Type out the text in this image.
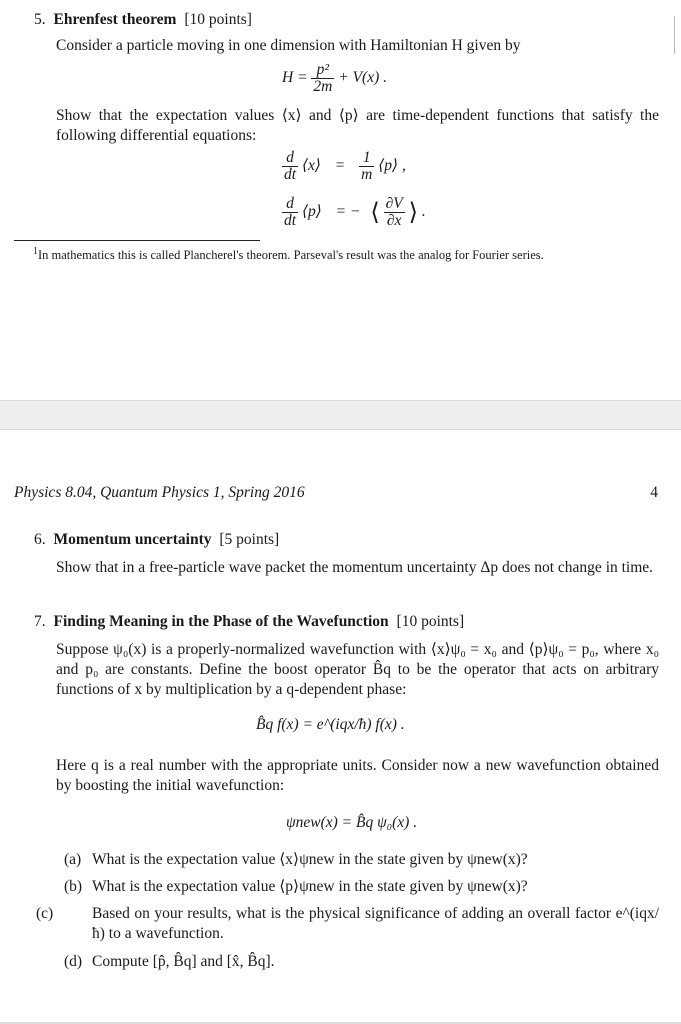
5. Ehrenfest theorem [10 points]
Consider a particle moving in one dimension with Hamiltonian H given by
$H = \frac{\text{p²}}{2m} + V(x)$ .
Show that the expectation values ⟨x⟩ and ⟨p⟩ are time-dependent functions that satisfy the following differential equations:
$\frac{d}{dt}$ ⟨x⟩ = $\frac{1}{m}$ ⟨p⟩ ,
$\frac{d}{dt}$ ⟨p⟩ = − ⟨ $\frac{\partial V}{\partial x}$ ⟩ .
$^1$In mathematics this is called Plancherel's theorem. Parseval's result was the analog for Fourier series.
Physics 8.04, Quantum Physics 1, Spring 2016	4
6. Momentum uncertainty [5 points]
Show that in a free-particle wave packet the momentum uncertainty Δp does not change in time.
7. Finding Meaning in the Phase of the Wavefunction [10 points]
Suppose ψ₀(x) is a properly-normalized wavefunction with ⟨x⟩ψ₀ = x₀ and ⟨p⟩ψ₀ = p₀, where x₀ and p₀ are constants. Define the boost operator B̂q to be the operator that acts on arbitrary functions of x by multiplication by a q-dependent phase:
B̂q f(x) = e^(iqx/ħ) f(x) .
Here q is a real number with the appropriate units. Consider now a new wavefunction obtained by boosting the initial wavefunction:
ψnew(x) = B̂q ψ₀(x) .
(a) What is the expectation value ⟨x⟩ψnew in the state given by ψnew(x)?
(b) What is the expectation value ⟨p⟩ψnew in the state given by ψnew(x)?
(c)	Based on your results, what is the physical significance of adding an overall factor e^(iqx/ħ) to a wavefunction.
(d) Compute [p̂, B̂q] and [x̂, B̂q].
